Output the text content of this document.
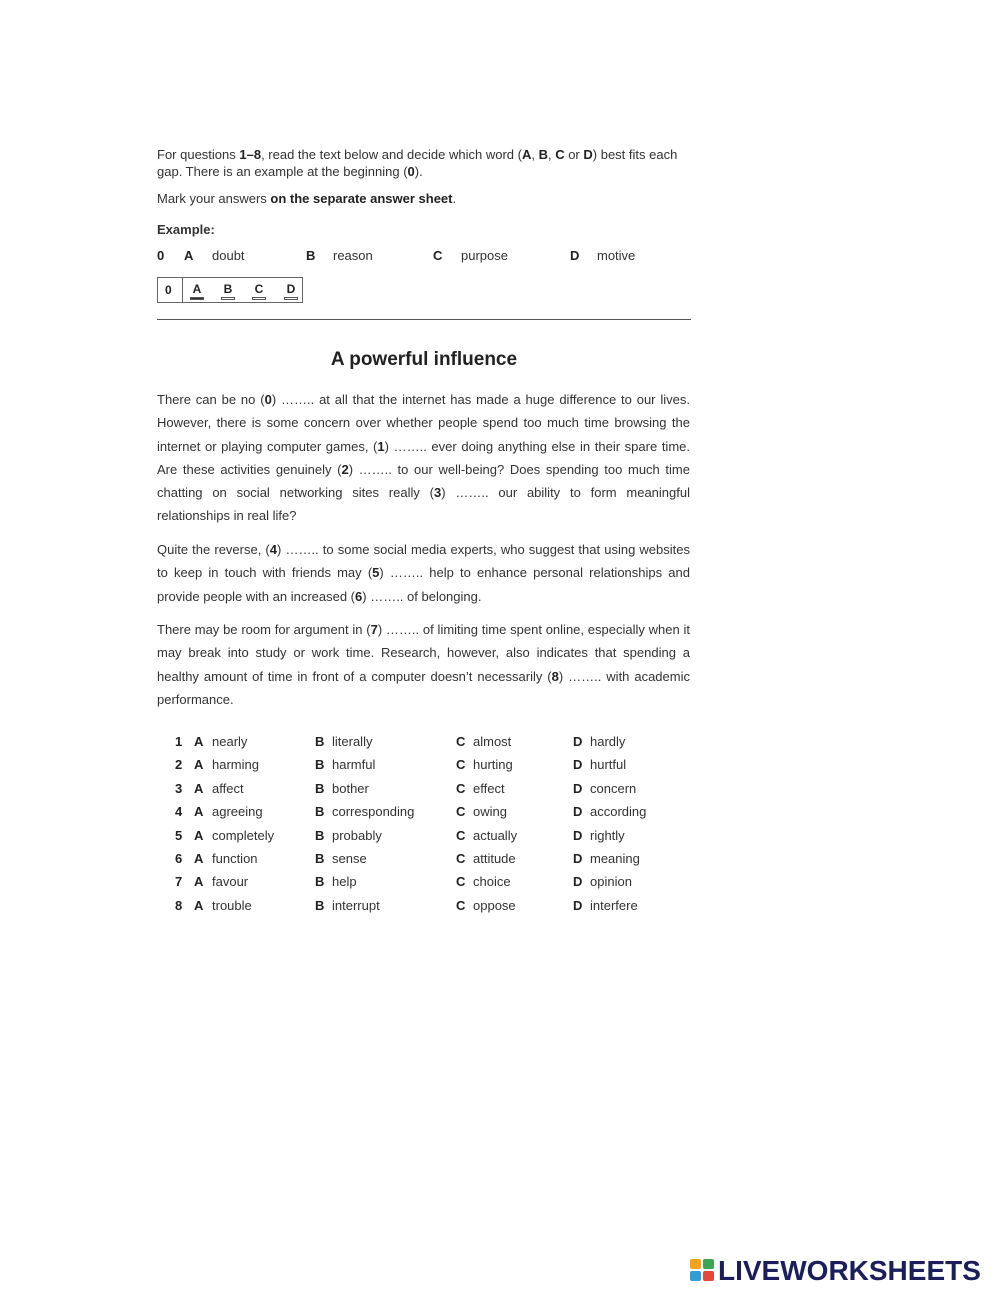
For questions 1–8, read the text below and decide which word (A, B, C or D) best fits each gap. There is an example at the beginning (0).
Mark your answers on the separate answer sheet.
Example:
0 A doubt	B reason	C purpose	D motive
0 A B C D
A powerful influence
There can be no (0) …….. at all that the internet has made a huge difference to our lives. However, there is some concern over whether people spend too much time browsing the internet or playing computer games, (1) …….. ever doing anything else in their spare time. Are these activities genuinely (2) …….. to our well-being? Does spending too much time chatting on social networking sites really (3) …….. our ability to form meaningful relationships in real life?
Quite the reverse, (4) …….. to some social media experts, who suggest that using websites to keep in touch with friends may (5) …….. help to enhance personal relationships and provide people with an increased (6) …….. of belonging.
There may be room for argument in (7) …….. of limiting time spent online, especially when it may break into study or work time. Research, however, also indicates that spending a healthy amount of time in front of a computer doesn’t necessarily (8) …….. with academic performance.
1 A nearly	B literally	C almost	D hardly
2 A harming	B harmful	C hurting	D hurtful
3 A affect	B bother	C effect	D concern
4 A agreeing	B corresponding	C owing	D according
5 A completely	B probably	C actually	D rightly
6 A function	B sense	C attitude	D meaning
7 A favour	B help	C choice	D opinion
8 A trouble	B interrupt	C oppose	D interfere
LIVEWORKSHEETS
